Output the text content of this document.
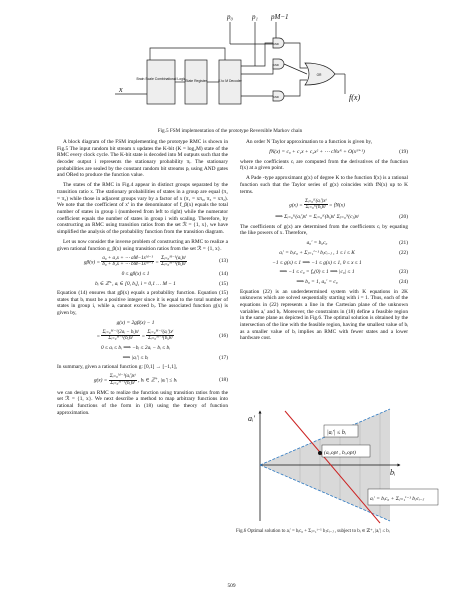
Brain Scale Combinational Logic State Register	K to M Decoder
AND
AND
AND
OR
p₀	p₁ pM−1
x
f(x)
Fig.5 FSM implementation of the prototype Reversible Markov chain

A block diagram of the FSM implementing the prototype RMC is shown in Fig.5 The input random bit stream x updates the K-bit (K = log₂M) state of the RMC every clock cycle. The K-bit state is decoded into M outputs such that the decoder output i represents the stationary probability πᵢ. The stationary probabilities are sealed by the constant random bit streams pᵢ using AND gates and ORed to produce the function value.

The states of the RMC in Fig.4 appear in distinct groups separated by the transition ratio x. The stationary probabilities of states in a group are equal (π₁ = π₂) while those in adjacent groups vary by a factor of x (π₁ = xπ₀, π₃ = xπ₂). We note that the coefficient of xⁱ in the denominator of f_β(x) equals the total number of states in group i (numbered from left to right) while the numerator coefficient equals the number of states in group i with scaling. Therefore, by constructing an RMC using transition ratios from the set ℛ = {1, x}, we have simplified the analysis of the probability function from the transition diagram.

Let us now consider the inverse problem of constructing an RMC to realize a given rational function g_β(x) using transition ratios from the set ℛ = {1, x}.

$g\beta(x) = \frac{\text{a₀ + a₁x + ⋯ aM−1xᴹ⁻¹}}{\text{b₀ + b₁x + ⋯ bM−1xᴹ⁻¹}} = \frac{\text{Σᵢ₌₀ᴹ⁻¹(aᵢ)xⁱ}}{\text{Σᵢ₌₀ᴹ⁻¹(bᵢ)xⁱ}}$	(13)
0 ≤ gβ(x) ≤ 1	(14)
bᵢ ∈ ℤ⁺, aᵢ ∈ [0, bᵢ], i = 0,1 … M − 1	(15)

Equation (14) ensures that gβ(x) equals a probability function. Equation (15) states that bᵢ must be a positive integer since it is equal to the total number of states in group i, while aᵢ cannot exceed bᵢ. The associated function g(x) is given by,

g(x) = 2gβ(x) − 1
= $\frac{\text{Σᵢ₌₀ᴹ⁻¹(2aᵢ − bᵢ)xⁱ}}{\text{Σᵢ₌₀ᴹ⁻¹(bᵢ)xⁱ}} = \frac{\text{Σᵢ₌₀ᴹ⁻¹(aᵢ′)xⁱ}}{\text{Σᵢ₌₀ᴹ⁻¹(bᵢ)xⁱ}}$	(16)
0 ≤ aᵢ ≤ bᵢ ⟹ −bᵢ ≤ 2aᵢ − bᵢ ≤ bᵢ
⟹ |aᵢ′| ≤ bᵢ	(17)

In summary, given a rational function g: [0,1] → [−1,1],

$g(x) = \frac{\text{Σᵢ₌₀ᴹ⁻¹(aᵢ′)xⁱ}}{\text{Σᵢ₌₀ᴹ⁻¹(bᵢ)xⁱ}}$ , bᵢ ∈ ℤ⁺, |aᵢ′| ≤ bᵢ	(18)

we can design an RMC to realize the function using transition ratios from the set ℛ = {1, x}. We next describe a method to map arbitrary functions into rational functions of the form in (18) using the theory of function approximation.

An order N Taylor approximation to a function is given by,

fN(x) = c₀ + c₁x + c₂x² + ⋯ cNxᴺ + O(xᴺ⁺¹)	(19)

where the coefficients cᵢ are computed from the derivatives of the function f(x) at a given point.

A Pade -type approximant g(x) of degree K to the function f(x) is a rational function such that the Taylor series of g(x) coincides with fN(x) up to K terms.

$g(x) = \frac{\text{Σᵢ₌₀ᴷ(aᵢ′)xⁱ}}{\text{Σᵢ₌₀ᴷ(bᵢ)xⁱ}} = fN(x)$
⟹ Σᵢ₌₀ᴷ(aᵢ′)xⁱ = Σᵢ₌₀ᴷ(bᵢ)xⁱ Σⱼ₌₀ᴺ(cⱼ)xʲ	(20)

The coefficients of g(x) are determined from the coefficients cᵢ by equating the like powers of x. Therefore,

a₀′ = b₀c₀	(21)
aᵢ′ = bᵢc₀ + Σⱼ₌₁ⁱ⁻¹ bⱼcᵢ₋ⱼ , 1 ≤ i ≤ K	(22)
−1 ≤ g(x) ≤ 1 ⟹ −1 ≤ g(x) ≤ 1, 0 ≤ x ≤ 1
⟹ −1 ≤ c₀ = f₀(0) ≤ 1 ⟹ |c₀| ≤ 1	(23)
⟹ b₀ = 1, a₀′ = c₀	(24)

Equation (22) is an underdetermined system with K equations in 2K unknowns which are solved sequentially starting with i = 1. Thus, each of the equations in (22) represents a line in the Cartesian plane of the unknown variables aᵢ′ and bᵢ. Moreover, the constraints in (18) define a feasible region in the same plane as depicted in Fig.6. The optimal solution is obtained by the intersection of the line with the feasible region, having the smallest value of bᵢ as a smaller value of bᵢ implies an RMC with fewer states and a lower hardware cost.

aᵢ′
bᵢ
|aᵢ′| ≤ bᵢ
(aᵢ,opt , bᵢ,opt)
aᵢ′ = bᵢc₀ + Σⱼ₌₁ⁱ⁻¹ bⱼcᵢ₋ⱼ
Fig.6 Optimal solution to aᵢ′ = bᵢc₀ + Σⱼ₌₁ⁱ⁻¹ bⱼcᵢ₋ⱼ , subject to bᵢ ∈ ℤ⁺, |aᵢ′| ≤ bᵢ
509
